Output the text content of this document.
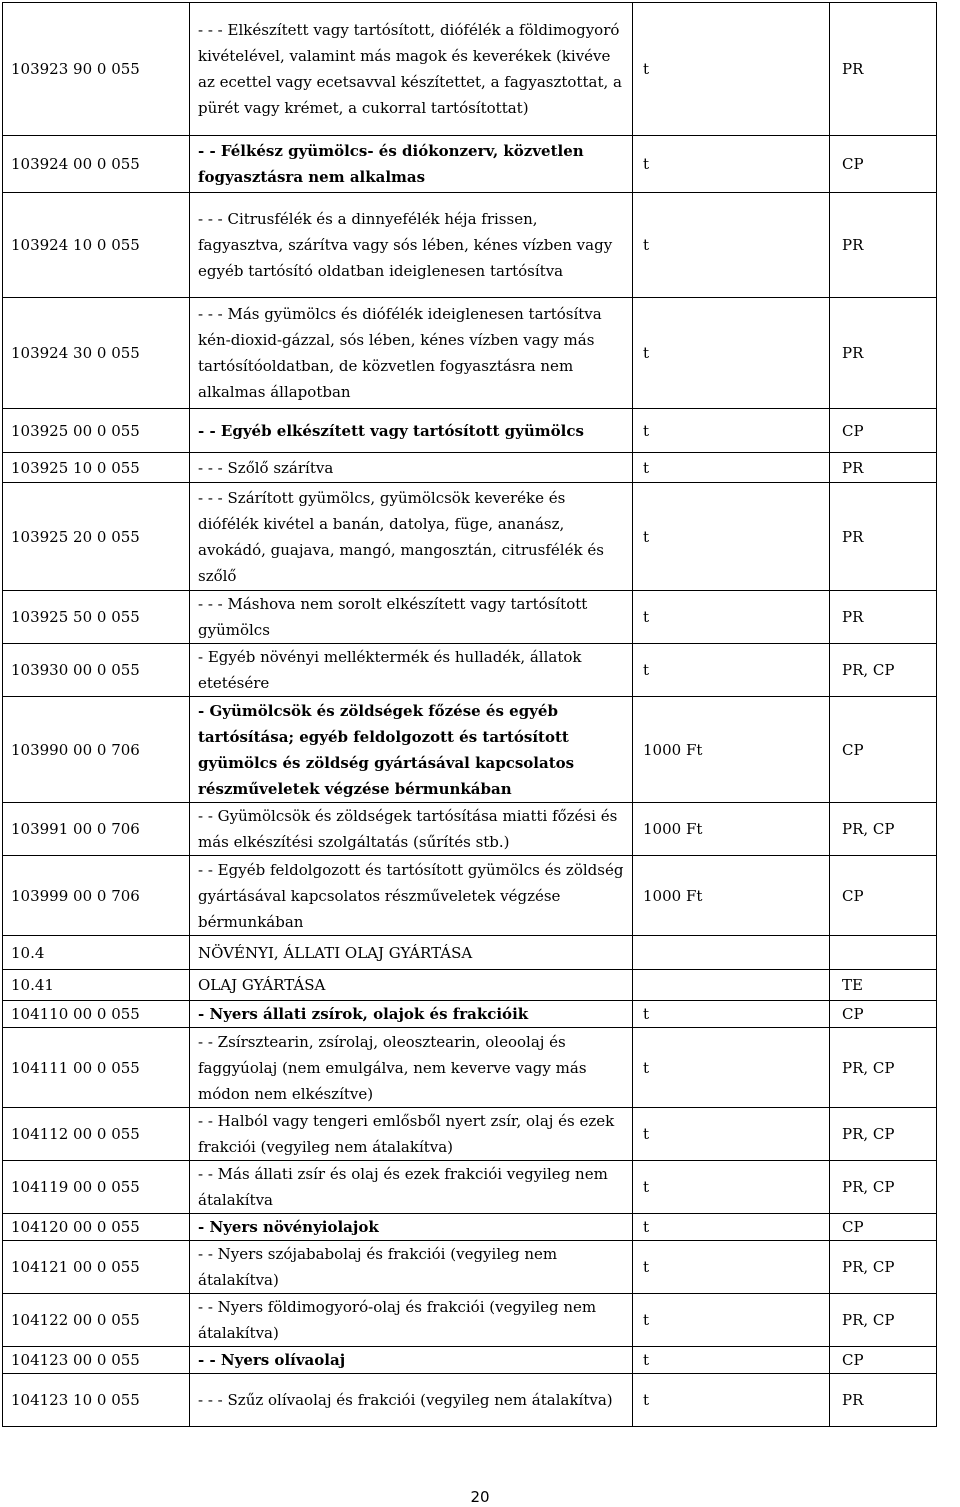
103923 90 0 055	- - - Elkészített vagy tartósított, diófélék a földimogyoró kivételével, valamint más magok és keverékek (kivéve az ecettel vagy ecetsavval készítettet, a fagyasztottat, a pürét vagy krémet, a cukorral tartósítottat)	t	PR
103924 00 0 055	- - Félkész gyümölcs- és diókonzerv, közvetlen fogyasztásra nem alkalmas	t	CP
103924 10 0 055	- - - Citrusfélék és a dinnyefélék héja frissen, fagyasztva, szárítva vagy sós lében, kénes vízben vagy egyéb tartósító oldatban ideiglenesen tartósítva	t	PR
103924 30 0 055	- - - Más gyümölcs és diófélék ideiglenesen tartósítva kén-dioxid-gázzal, sós lében, kénes vízben vagy más tartósítóoldatban, de közvetlen fogyasztásra nem alkalmas állapotban	t	PR
103925 00 0 055	- - Egyéb elkészített vagy tartósított gyümölcs	t	CP
103925 10 0 055	- - - Szőlő szárítva	t	PR
103925 20 0 055	- - - Szárított gyümölcs, gyümölcsök keveréke és diófélék kivétel a banán, datolya, füge, ananász, avokádó, guajava, mangó, mangosztán, citrusfélék és szőlő	t	PR
103925 50 0 055	- - - Máshova nem sorolt elkészített vagy tartósított gyümölcs	t	PR
103930 00 0 055	- Egyéb növényi melléktermék és hulladék, állatok etetésére	t	PR, CP
103990 00 0 706	- Gyümölcsök és zöldségek főzése és egyéb tartósítása; egyéb feldolgozott és tartósított gyümölcs és zöldség gyártásával kapcsolatos részműveletek végzése bérmunkában	1000 Ft	CP
103991 00 0 706	- - Gyümölcsök és zöldségek tartósítása miatti főzési és más elkészítési szolgáltatás (sűrítés stb.)	1000 Ft	PR, CP
103999 00 0 706	- - Egyéb feldolgozott és tartósított gyümölcs és zöldség gyártásával kapcsolatos részműveletek végzése bérmunkában	1000 Ft	CP
10.4	NÖVÉNYI, ÁLLATI OLAJ GYÁRTÁSA		
10.41	OLAJ GYÁRTÁSA		TE
104110 00 0 055	- Nyers állati zsírok, olajok és frakcióik	t	CP
104111 00 0 055	- - Zsírsztearin, zsírolaj, oleosztearin, oleoolaj és faggyúolaj (nem emulgálva, nem keverve vagy más módon nem elkészítve)	t	PR, CP
104112 00 0 055	- - Halból vagy tengeri emlősből nyert zsír, olaj és ezek frakciói (vegyileg nem átalakítva)	t	PR, CP
104119 00 0 055	- - Más állati zsír és olaj és ezek frakciói vegyileg nem átalakítva	t	PR, CP
104120 00 0 055	- Nyers növényiolajok	t	CP
104121 00 0 055	- - Nyers szójababolaj és frakciói (vegyileg nem átalakítva)	t	PR, CP
104122 00 0 055	- - Nyers földimogyoró-olaj és frakciói (vegyileg nem átalakítva)	t	PR, CP
104123 00 0 055	- - Nyers olívaolaj	t	CP
104123 10 0 055	- - - Szűz olívaolaj és frakciói (vegyileg nem átalakítva)	t	PR
20
